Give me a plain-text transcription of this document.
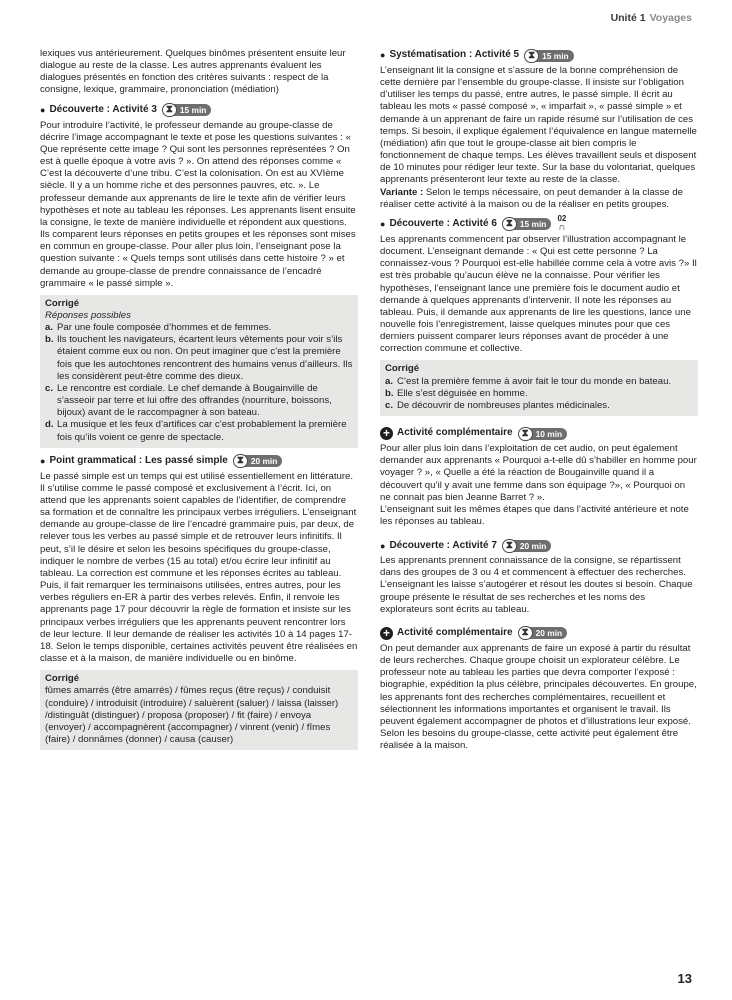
Unité 1 Voyages

lexiques vus antérieurement. Quelques binômes présentent ensuite leur dialogue au reste de la classe. Les autres apprenants évaluent les dialogues présentés en fonction des critères suivants : respect de la consigne, lexique, grammaire, prononciation (médiation)

● Découverte : Activité 3 ⧗ 15 min

Pour introduire l’activité, le professeur demande au groupe-classe de décrire l’image accompagnant le texte et pose les questions suivantes : « Que représente cette image ? Qui sont les personnes représentées ? On est à quelle époque à votre avis ? ». On attend des réponses comme « C’est la découverte d’une tribu. C’est la colonisation. On est au XVIème siècle. Il y a un homme riche et des personnes pauvres, etc. ». Le professeur demande aux apprenants de lire le texte afin de vérifier leurs hypothèses et note au tableau les réponses. Les apprenants lisent ensuite la consigne, le texte de manière individuelle et répondent aux questions. Ils comparent leurs réponses en petits groupes et les réponses sont mises en commun en groupe-classe. Pour aller plus loin, l’enseignant pose la question suivante : « Quels temps sont utilisés dans cette histoire ? » et demande au groupe-classe de prendre connaissance de l’encadré grammaire « le passé simple ».

Corrigé
Réponses possibles
a. Par une foule composée d’hommes et de femmes.
b. Ils touchent les navigateurs, écartent leurs vêtements pour voir s’ils étaient comme eux ou non. On peut imaginer que c’est la première fois que les autochtones rencontrent des humains venus d’ailleurs. Ils les considèrent peut-être comme des dieux.
c. Le rencontre est cordiale. Le chef demande à Bougainville de s’asseoir par terre et lui offre des offrandes (nourriture, boissons, bijoux) avant de le raccompagner à son bateau.
d. La musique et les feux d’artifices car c’est probablement la première fois qu’ils voient ce genre de spectacle.
● Point grammatical : Les passé simple ⧗ 20 min

Le passé simple est un temps qui est utilisé essentiellement en littérature. Il s’utilise comme le passé composé et exclusivement à l’écrit. Ici, on attend que les apprenants soient capables de l’identifier, de comprendre sa formation et de connaître les principaux verbes irréguliers. L’enseignant demande au groupe-classe de lire l’encadré grammaire puis, par deux, de relever tous les verbes au passé simple et de retrouver leurs infinitifs. Il peut, s’il le désire et selon les besoins spécifiques du groupe-classe, indiquer le nombre de verbes (15 au total) et/ou écrire leur infinitif au tableau. La correction est commune et les réponses écrites au tableau. Puis, il fait remarquer les terminaisons utilisées, entres autres, pour les verbes réguliers en-ER à partir des verbes relevés. Enfin, il renvoie les apprenants page 17 pour découvrir la règle de formation et insiste sur les principaux verbes irréguliers que les apprenants peuvent rencontrer lors de leur lecture. Il leur demande de réaliser les activités 10 à 14 pages 17-18. Selon le temps disponible, certaines activités peuvent être réalisées en classe et à la maison, de manière individuelle ou en binôme.

Corrigé

fûmes amarrés (être amarrés) / fûmes reçus (être reçus) / conduisit (conduire) / introduisit (introduire) / saluèrent (saluer) / laissa (laisser) /distinguât (distinguer) / proposa (proposer) / fit (faire) / envoya (envoyer) / accompagnèrent (accompagner) / vinrent (venir) / fîmes (faire) / donnâmes (donner) / causa (causer)

● Systématisation : Activité 5 ⧗ 15 min

L’enseignant lit la consigne et s’assure de la bonne compréhension de cette dernière par l’ensemble du groupe-classe. Il insiste sur l’obligation d’utiliser les temps du passé, entre autres, le passé simple. Il écrit au tableau les mots « passé composé », « imparfait », « passé simple » et demande à un apprenant de faire un rapide résumé sur l’utilisation de ces temps. Si besoin, il explique également l’équivalence en langue maternelle (médiation) afin que tout le groupe-classe ait bien compris le fonctionnement de chaque temps. Les élèves travaillent seuls et disposent de 10 minutes pour rédiger leur texte. Sur la base du volontariat, quelques apprenants présenteront leur texte au reste de la classe.

Variante : Selon le temps nécessaire, on peut demander à la classe de réaliser cette activité à la maison ou de la réaliser en petits groupes.

● Découverte : Activité 6 ⧗ 15 min
02
∩

Les apprenants commencent par observer l’illustration accompagnant le document. L’enseignant demande : « Qui est cette personne ? La connaissez-vous ? Pourquoi est-elle habillée comme cela à votre avis ?» Il est très probable qu’aucun élève ne la connaisse. Pour vérifier les hypothèses, l’enseignant lance une première fois le document audio et demande à quelques apprenants d’intervenir. Il note les réponses au tableau. Puis, il demande aux apprenants de lire les questions, lance une nouvelle fois l’enregistrement, laisse quelques minutes pour que ces derniers puissent comparer leurs réponses avant de procéder à une correction commune et collective.

Corrigé
a. C’est la première femme à avoir fait le tour du monde en bateau.
b. Elle s’est déguisée en homme.
c. De découvrir de nombreuses plantes médicinales.
+ Activité complémentaire ⧗ 10 min

Pour aller plus loin dans l’exploitation de cet audio, on peut également demander aux apprenants « Pourquoi a-t-elle dû s’habiller en homme pour voyager ? », « Quelle a été la réaction de Bougainville quand il a découvert qu’il y avait une femme dans son équipage ?», « Pourquoi on ne connait pas bien Jeanne Barret ? ».

L’enseignant suit les mêmes étapes que dans l’activité antérieure et note les réponses au tableau.

● Découverte : Activité 7 ⧗ 20 min

Les apprenants prennent connaissance de la consigne, se répartissent dans des groupes de 3 ou 4 et commencent à effectuer des recherches. L’enseignant les laisse s’autogérer et résout les doutes si besoin. Chaque groupe présente le résultat de ses recherches et les noms des explorateurs sont écrits au tableau.

+ Activité complémentaire ⧗ 20 min

On peut demander aux apprenants de faire un exposé à partir du résultat de leurs recherches. Chaque groupe choisit un explorateur célèbre. Le professeur note au tableau les parties que devra comporter l’exposé : biographie, expédition la plus célèbre, principales découvertes. En groupe, les apprenants font des recherches complémentaires, recueillent et sélectionnent les informations importantes et organisent le travail. Ils peuvent également accompagner de photos et d’illustrations leur exposé. Selon les besoins du groupe-classe, cette activité peut également être réalisée à la maison.

13
